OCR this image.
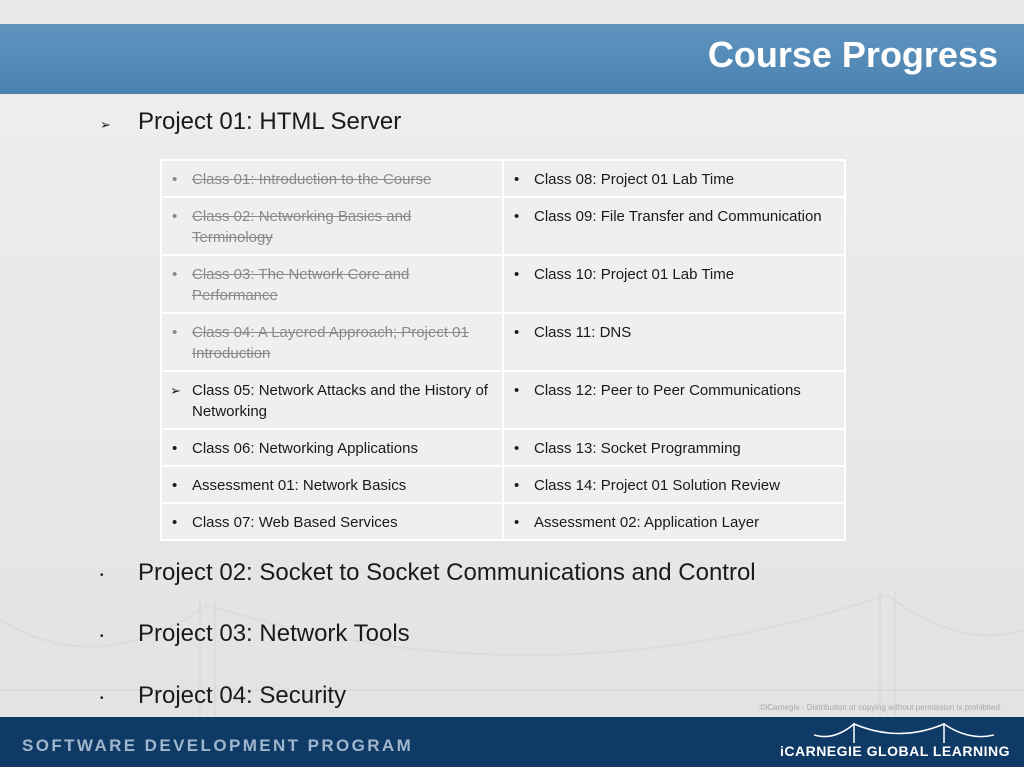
Course Progress
➢ Project 01: HTML Server
• Class 01: Introduction to the Course	• Class 08: Project 01 Lab Time

• Class 02: Networking Basics and Terminology	• Class 09: File Transfer and Communication

• Class 03: The Network Core and Performance	• Class 10: Project 01 Lab Time

• Class 04: A Layered Approach; Project 01 Introduction	• Class 11: DNS

➢ Class 05: Network Attacks and the History of Networking	• Class 12: Peer to Peer Communications

• Class 06: Networking Applications	• Class 13: Socket Programming

• Assessment 01: Network Basics	• Class 14: Project 01 Solution Review

• Class 07: Web Based Services	• Assessment 02: Application Layer
• Project 02: Socket to Socket Communications and Control
• Project 03: Network Tools
• Project 04: Security	©iCarnegie - Distribution or copying without permission is prohibited.
SOFTWARE DEVELOPMENT PROGRAM	iCARNEGIE GLOBAL LEARNING
